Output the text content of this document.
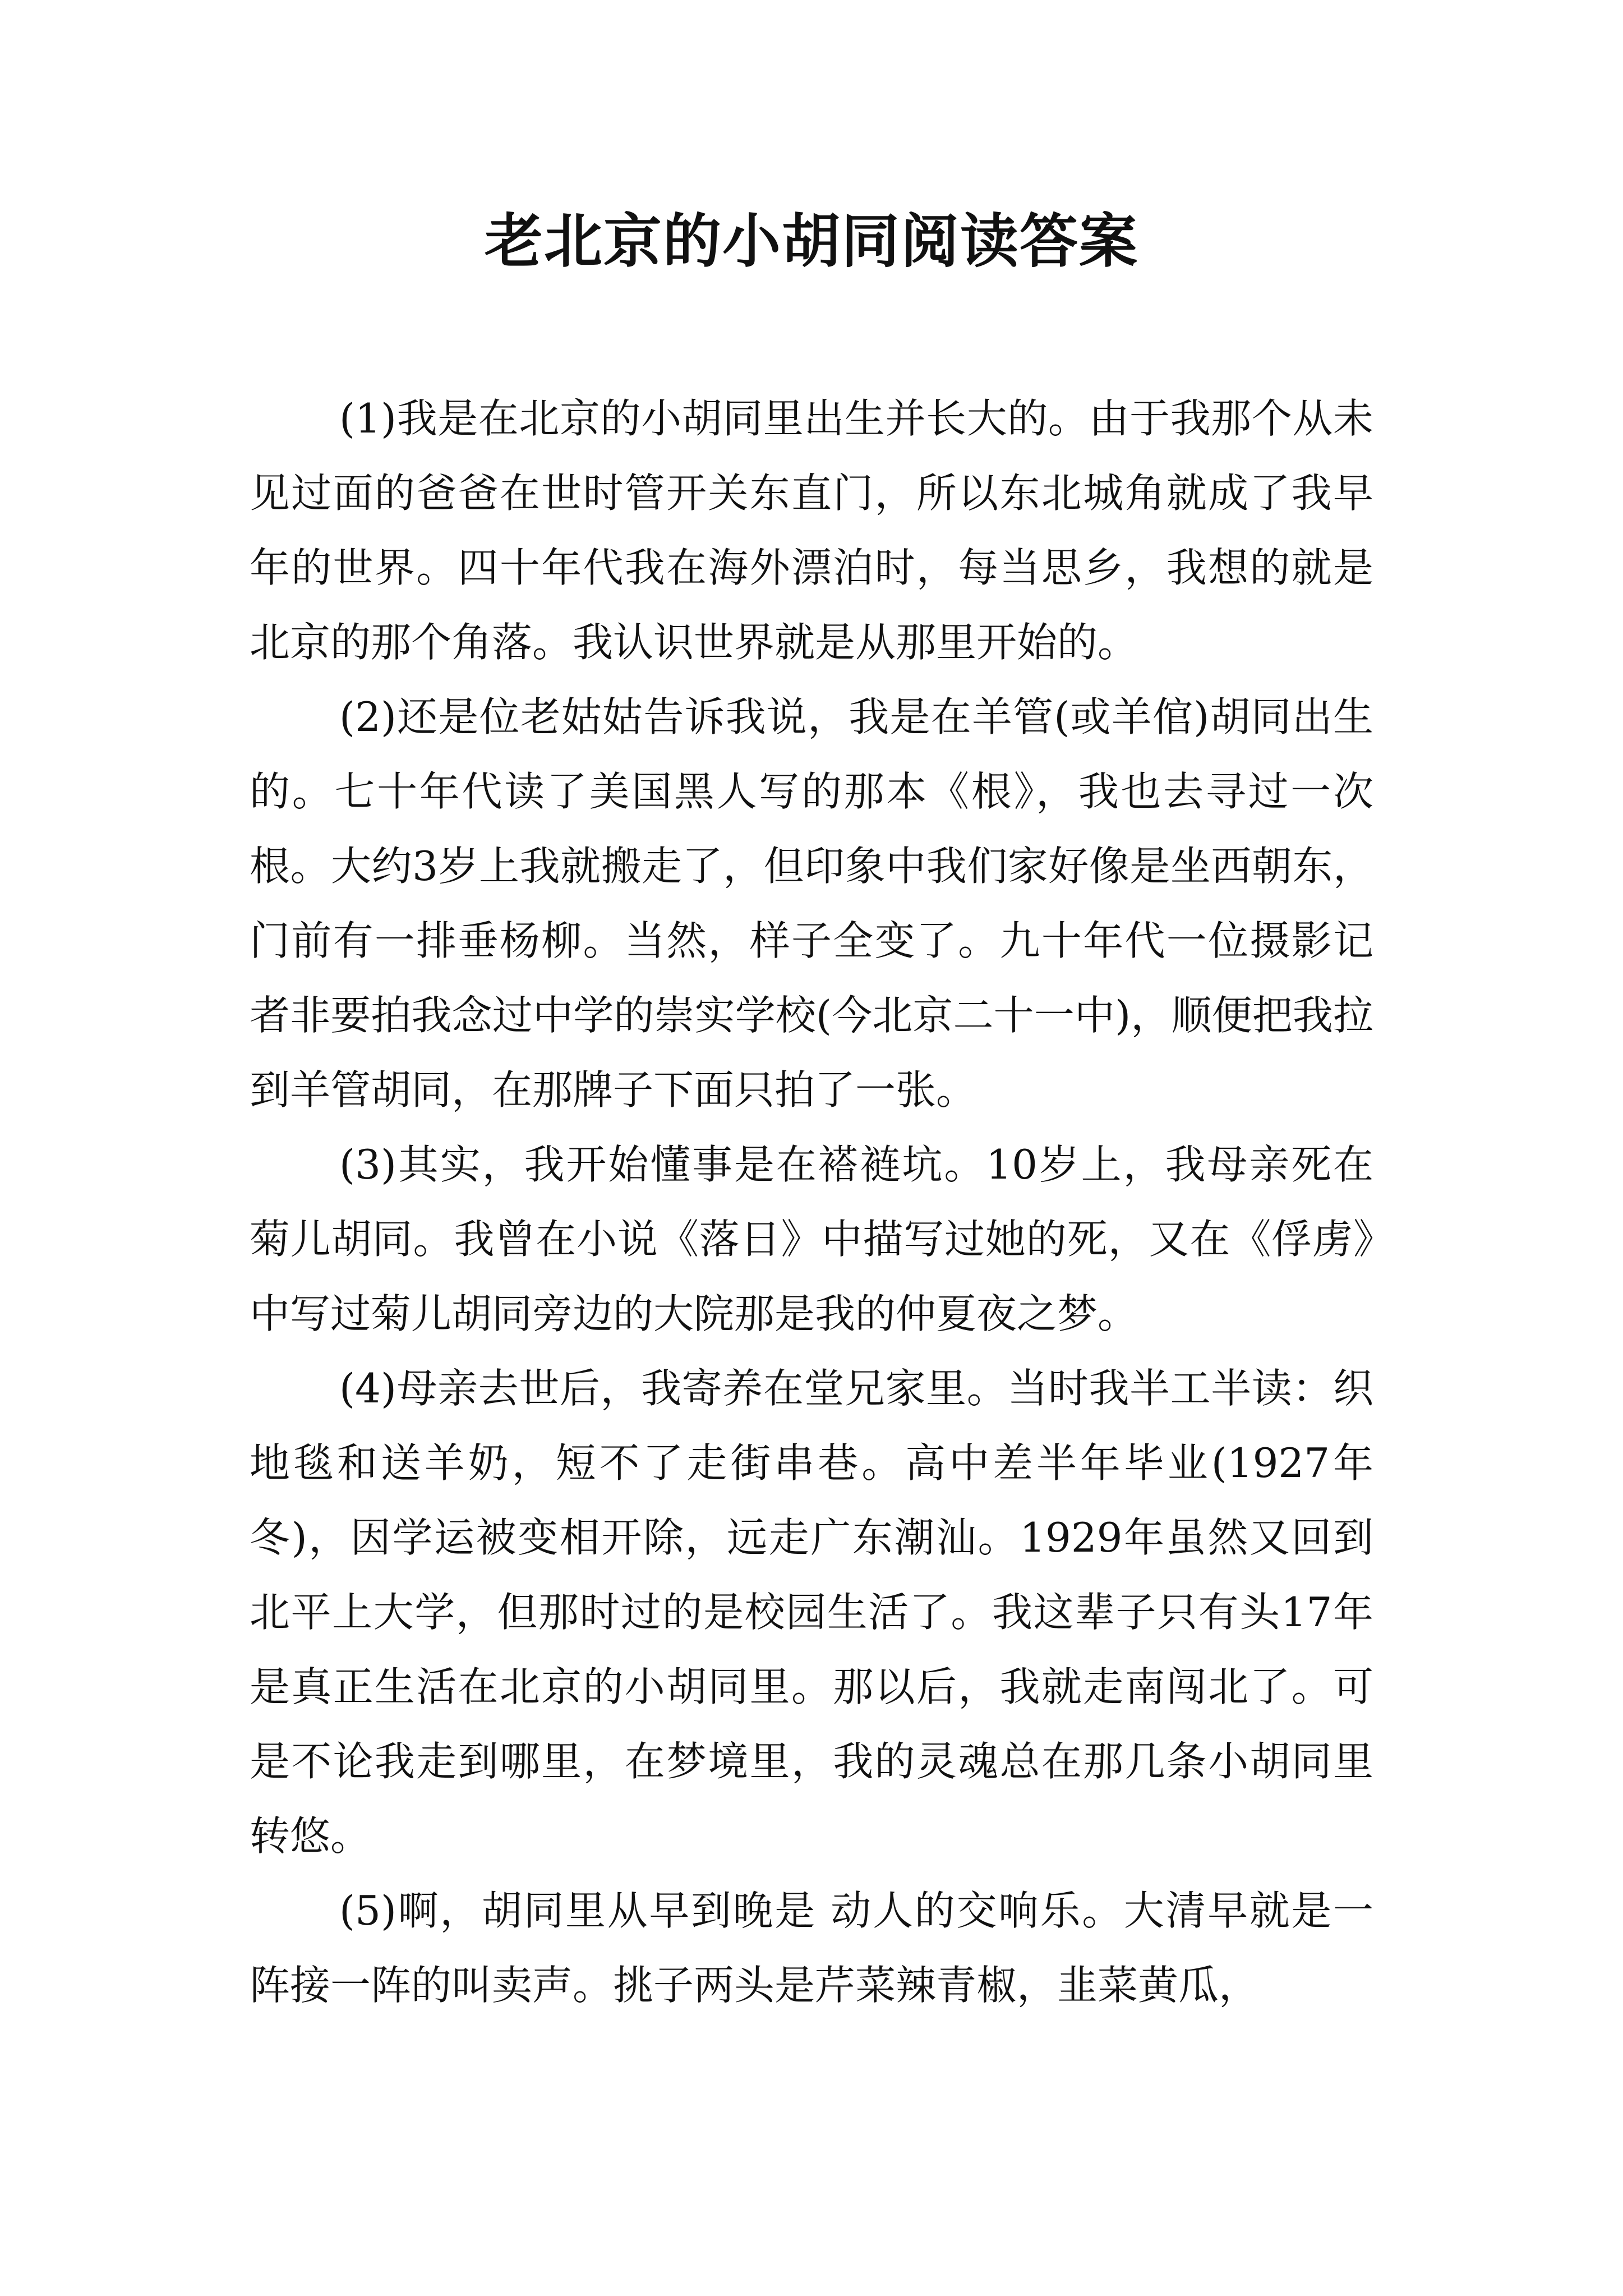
老北京的小胡同阅读答案

(1)我是在北京的小胡同里出生并长大的。由于我那个从未见过面的爸爸在世时管开关东直门，所以东北城角就成了我早年的世界。四十年代我在海外漂泊时，每当思乡，我想的就是北京的那个角落。我认识世界就是从那里开始的。

(2)还是位老姑姑告诉我说，我是在羊管(或羊倌)胡同出生的。七十年代读了美国黑人写的那本《根》，我也去寻过一次根。大约3岁上我就搬走了，但印象中我们家好像是坐西朝东，门前有一排垂杨柳。当然，样子全变了。九十年代一位摄影记者非要拍我念过中学的崇实学校(今北京二十一中)，顺便把我拉到羊管胡同，在那牌子下面只拍了一张。

(3)其实，我开始懂事是在褡裢坑。10岁上，我母亲死在菊儿胡同。我曾在小说《落日》中描写过她的死，又在《俘虏》中写过菊儿胡同旁边的大院那是我的仲夏夜之梦。

(4)母亲去世后，我寄养在堂兄家里。当时我半工半读：织地毯和送羊奶，短不了走街串巷。高中差半年毕业(1927年冬)，因学运被变相开除，远走广东潮汕。1929年虽然又回到北平上大学，但那时过的是校园生活了。我这辈子只有头17年是真正生活在北京的小胡同里。那以后，我就走南闯北了。可是不论我走到哪里，在梦境里，我的灵魂总在那几条小胡同里转悠。

(5)啊，胡同里从早到晚是 动人的交响乐。大清早就是一阵接一阵的叫卖声。挑子两头是芹菜辣青椒，韭菜黄瓜，
